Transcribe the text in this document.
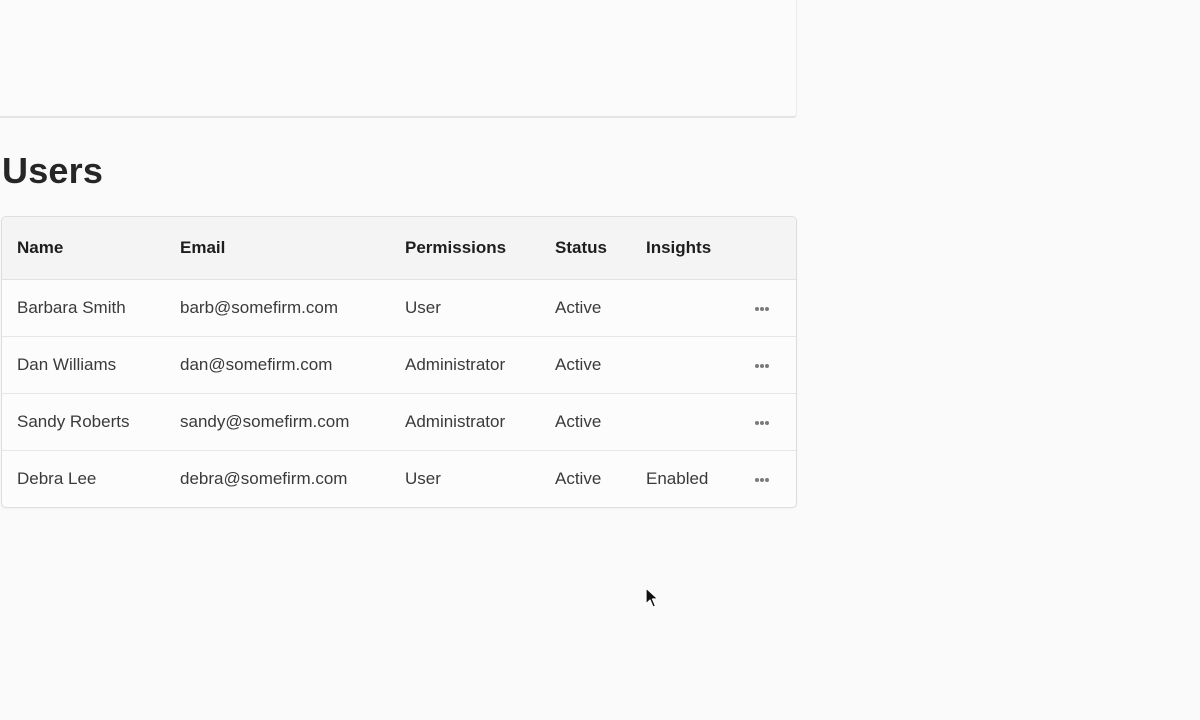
Users
Name	Email	Permissions	Status	Insights	
Barbara Smith	barb@somefirm.com	User	Active		

Dan Williams	dan@somefirm.com	Administrator	Active		

Sandy Roberts	sandy@somefirm.com	Administrator	Active		

Debra Lee	debra@somefirm.com	User	Active	Enabled	
